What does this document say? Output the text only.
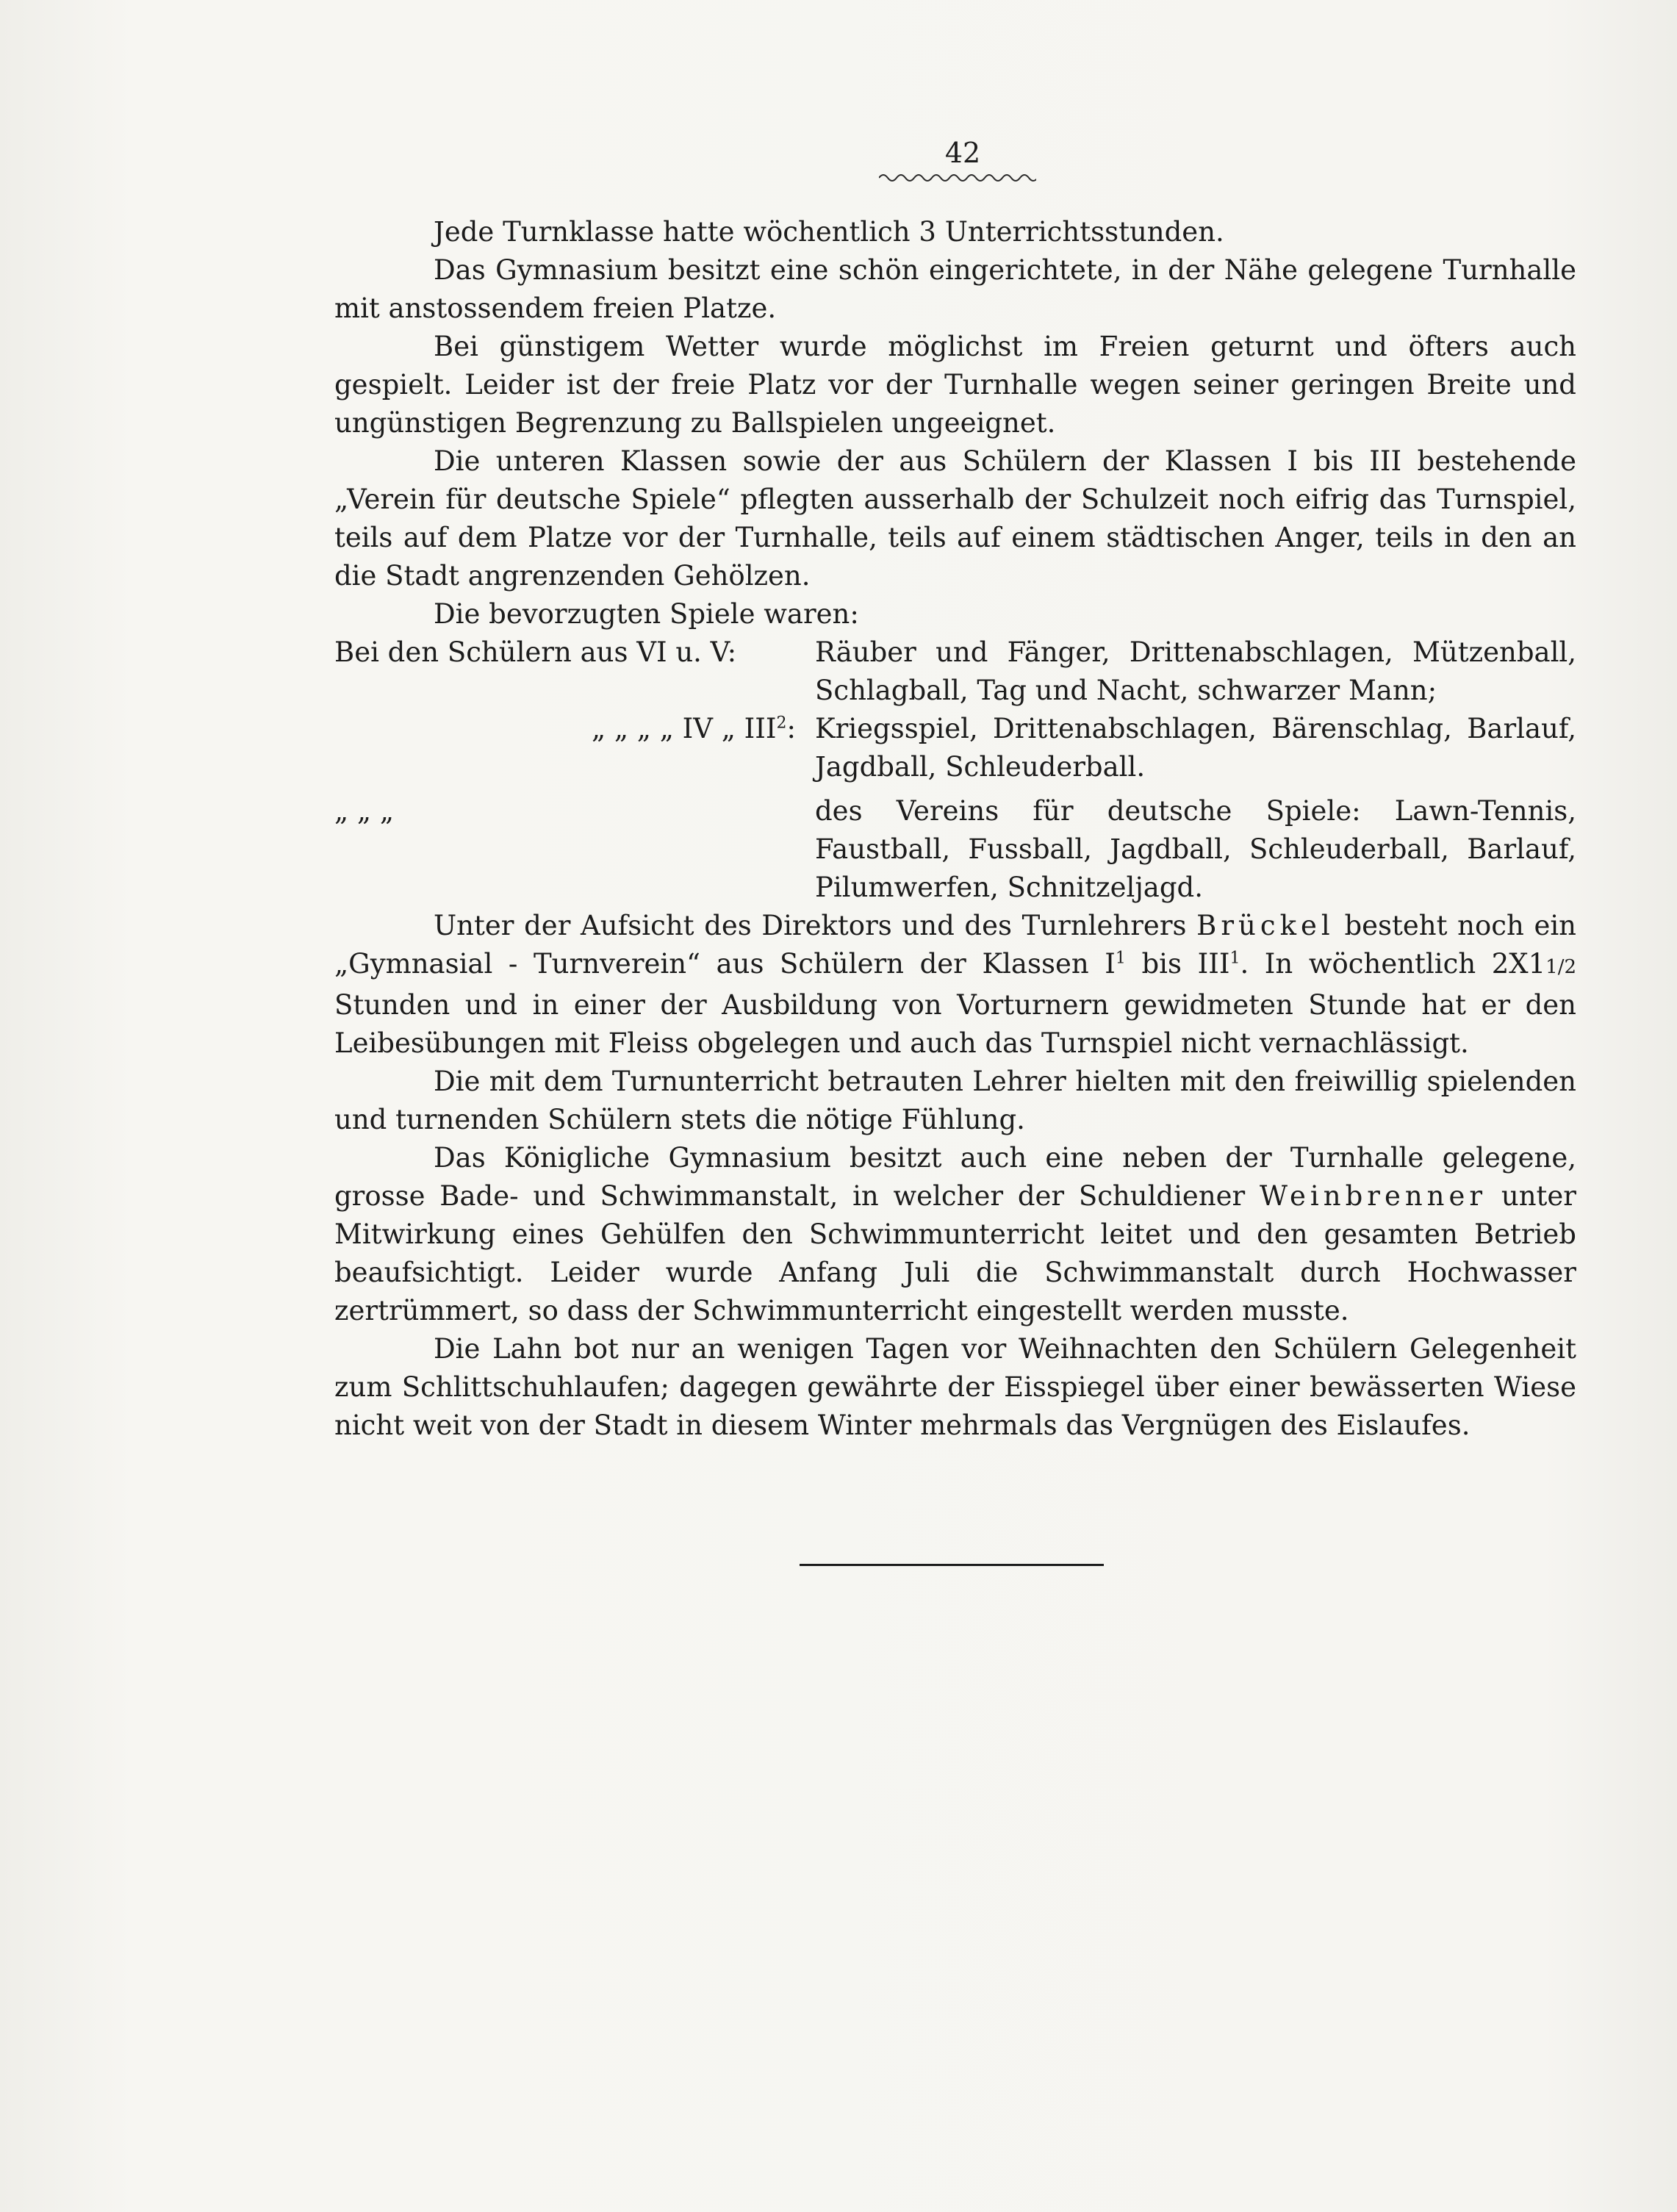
42
Jede Turnklasse hatte wöchentlich 3 Unterrichtsstunden.
Das Gymnasium besitzt eine schön eingerichtete, in der Nähe gelegene Turnhalle mit anstossendem freien Platze.
Bei günstigem Wetter wurde möglichst im Freien geturnt und öfters auch gespielt. Leider ist der freie Platz vor der Turnhalle wegen seiner geringen Breite und ungünstigen Begrenzung zu Ballspielen ungeeignet.
Die unteren Klassen sowie der aus Schülern der Klassen I bis III bestehende „Verein für deutsche Spiele“ pflegten ausserhalb der Schulzeit noch eifrig das Turnspiel, teils auf dem Platze vor der Turnhalle, teils auf einem städtischen Anger, teils in den an die Stadt angrenzenden Gehölzen.
Die bevorzugten Spiele waren:
Bei den Schülern aus VI u. V:	Räuber und Fänger, Drittenabschlagen, Mützenball, Schlagball, Tag und Nacht, schwarzer Mann;
„ „ „ „ IV „ III$^2$: Kriegsspiel, Drittenabschlagen, Bärenschlag, Barlauf, Jagdball, Schleuderball.
„ „ „	des Vereins für deutsche Spiele: Lawn-Tennis, Faustball, Fussball, Jagdball, Schleuderball, Barlauf, Pilumwerfen, Schnitzeljagd.
Unter der Aufsicht des Direktors und des Turnlehrers Brückel besteht noch ein „Gymnasial - Turnverein“ aus Schülern der Klassen $I^1$ bis III$^1$. In wöchentlich 2X11/2 Stunden und in einer der Ausbildung von Vorturnern gewidmeten Stunde hat er den Leibesübungen mit Fleiss obgelegen und auch das Turnspiel nicht vernachlässigt.
Die mit dem Turnunterricht betrauten Lehrer hielten mit den freiwillig spielenden und turnenden Schülern stets die nötige Fühlung.
Das Königliche Gymnasium besitzt auch eine neben der Turnhalle gelegene, grosse Bade- und Schwimmanstalt, in welcher der Schuldiener Weinbrenner unter Mitwirkung eines Gehülfen den Schwimmunterricht leitet und den gesamten Betrieb beaufsichtigt. Leider wurde Anfang Juli die Schwimmanstalt durch Hochwasser zertrümmert, so dass der Schwimmunterricht eingestellt werden musste.
Die Lahn bot nur an wenigen Tagen vor Weihnachten den Schülern Gelegenheit zum Schlittschuhlaufen; dagegen gewährte der Eisspiegel über einer bewässerten Wiese nicht weit von der Stadt in diesem Winter mehrmals das Vergnügen des Eislaufes.
